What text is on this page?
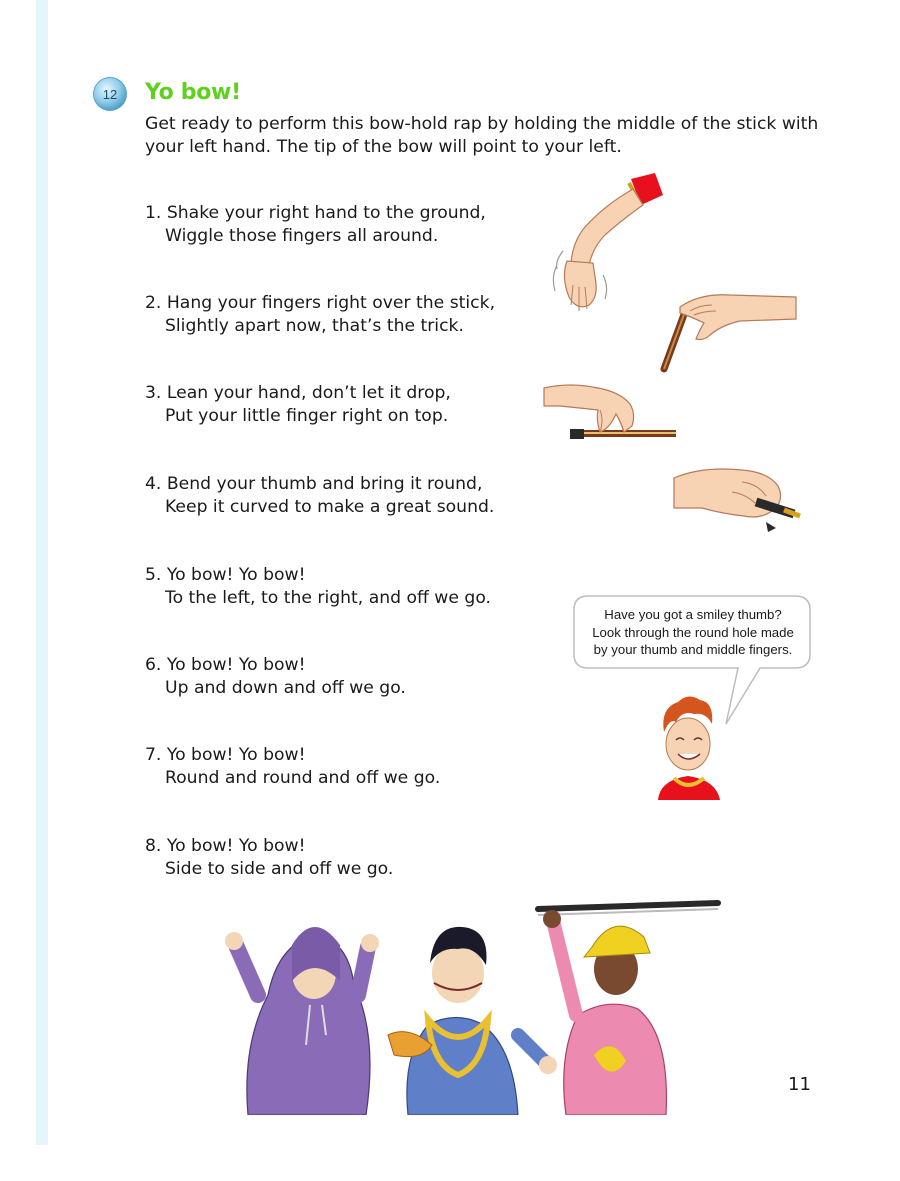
12 Yo bow!
Get ready to perform this bow-hold rap by holding the middle of the stick with your left hand. The tip of the bow will point to your left.
1. Shake your right hand to the ground,
Wiggle those fingers all around.
2. Hang your fingers right over the stick,
Slightly apart now, that’s the trick.
3. Lean your hand, don’t let it drop,
Put your little finger right on top.
4. Bend your thumb and bring it round,
Keep it curved to make a great sound.
5. Yo bow! Yo bow!
To the left, to the right, and off we go.
6. Yo bow! Yo bow!
Up and down and off we go.
7. Yo bow! Yo bow!
Round and round and off we go.
8. Yo bow! Yo bow!
Side to side and off we go.
Have you got a smiley thumb?
Look through the round hole made
by your thumb and middle fingers.
11
